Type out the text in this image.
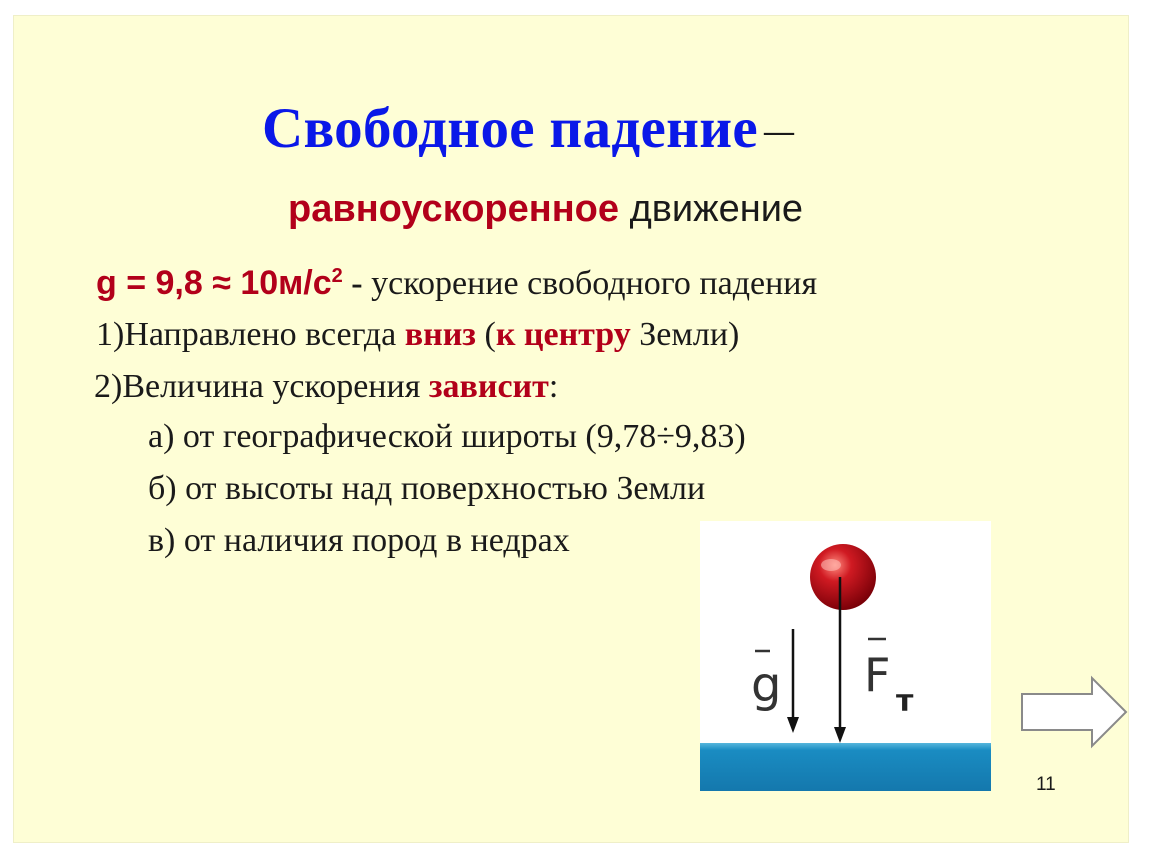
Свободное падение —
равноускоренное движение
$g = 9,8 \approx 10м/с^2$ - ускорение свободного падения
1)Направлено всегда вниз (к центру Земли)
2)Величина ускорения зависит:
а) от географической широты (9,78÷9,83)
б) от высоты над поверхностью Земли
в) от наличия пород в недрах
g F т
11
